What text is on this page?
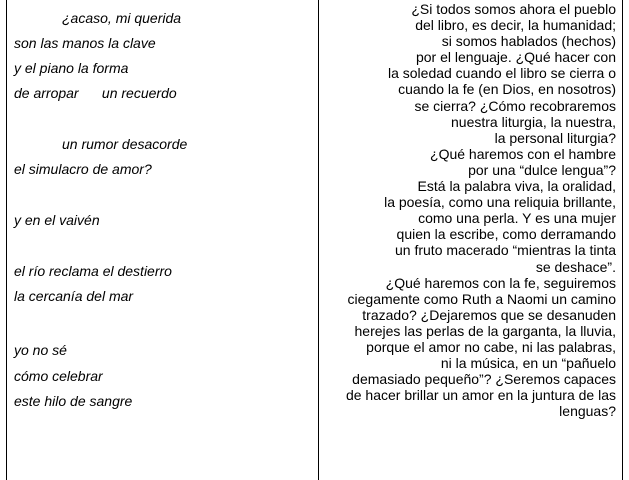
¿acaso, mi querida
son las manos la clave
y el piano la forma
de arropar      un recuerdo
un rumor desacorde
el simulacro de amor?
y en el vaivén
el río reclama el destierro
la cercanía del mar
yo no sé
cómo celebrar
este hilo de sangre
¿Si todos somos ahora el pueblo
del libro, es decir, la humanidad;
si somos hablados (hechos)
por el lenguaje. ¿Qué hacer con
la soledad cuando el libro se cierra o
cuando la fe (en Dios, en nosotros)
se cierra? ¿Cómo recobraremos
nuestra liturgia, la nuestra,
la personal liturgia?
¿Qué haremos con el hambre
por una “dulce lengua”?
Está la palabra viva, la oralidad,
la poesía, como una reliquia brillante,
como una perla. Y es una mujer
quien la escribe, como derramando
un fruto macerado “mientras la tinta
se deshace”.
¿Qué haremos con la fe, seguiremos
ciegamente como Ruth a Naomi un camino
trazado? ¿Dejaremos que se desanuden
herejes las perlas de la garganta, la lluvia,
porque el amor no cabe, ni las palabras,
ni la música, en un “pañuelo
demasiado pequeño”? ¿Seremos capaces
de hacer brillar un amor en la juntura de las
lenguas?
